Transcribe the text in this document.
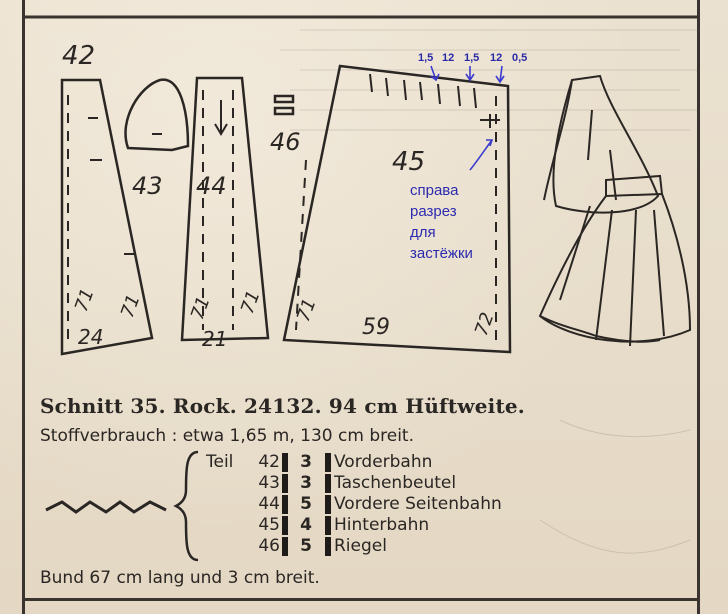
42
71
24
71
43 44
71
21
71
46
45
71
59	72
1,5 12 1,5 12 0,5
справа
разрез
для
застёжки
Schnitt 35. Rock. 24132. 94 cm Hüftweite.
Stoffverbrauch : etwa 1,65 m, 130 cm breit.
Teil	42		3		Vorderbahn
	43		3		Taschenbeutel
	44		5		Vordere Seitenbahn
	45		4		Hinterbahn
	46		5		Riegel
Bund 67 cm lang und 3 cm breit.
